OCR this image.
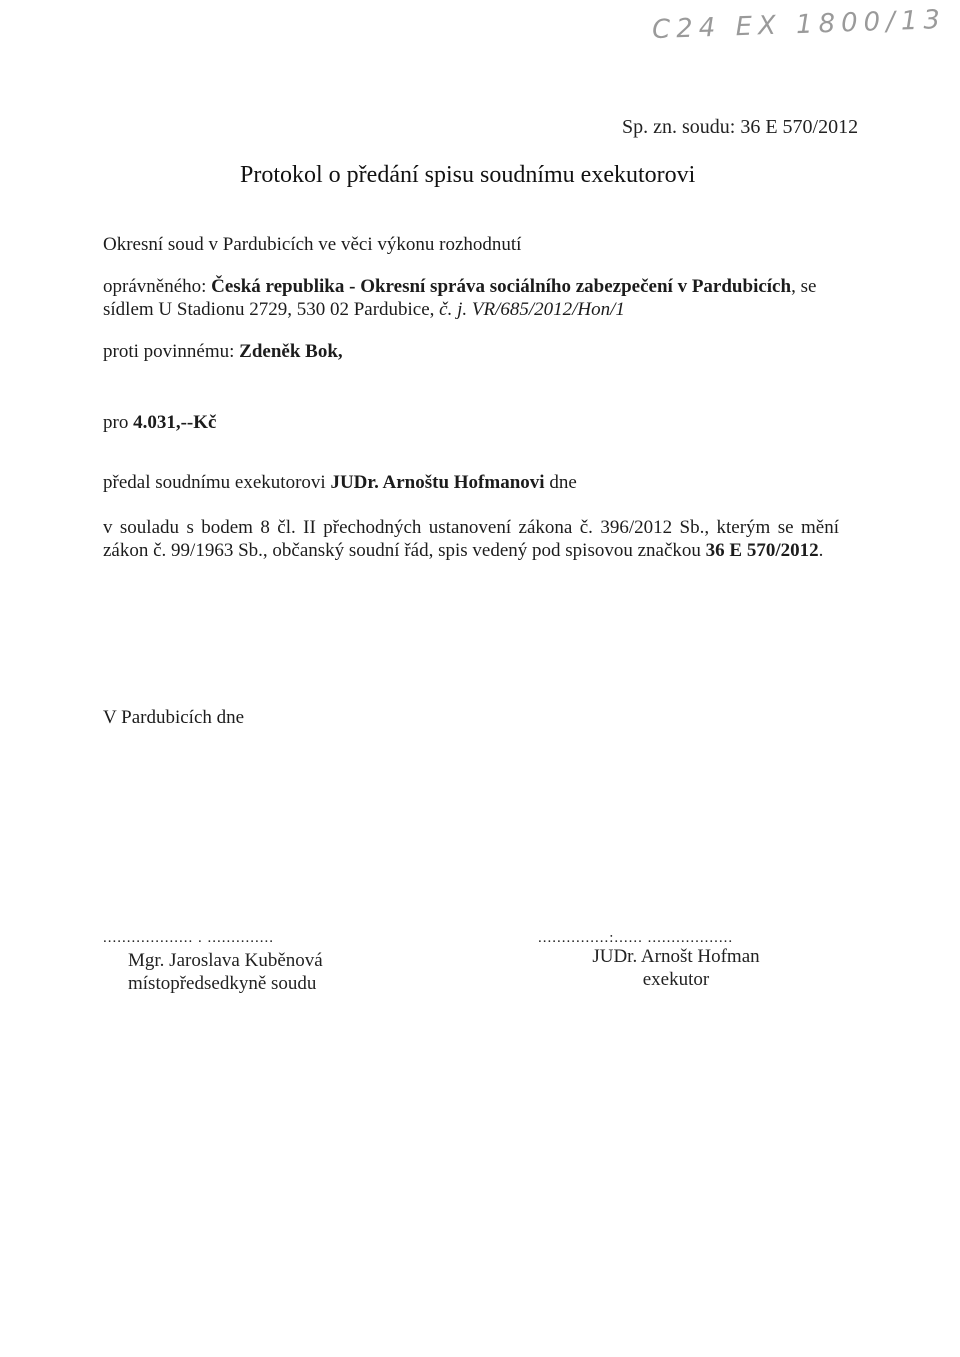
C24 EX 1800/13
Sp. zn. soudu: 36 E 570/2012
Protokol o předání spisu soudnímu exekutorovi
Okresní soud v Pardubicích ve věci výkonu rozhodnutí
oprávněného: Česká republika - Okresní správa sociálního zabezpečení v Pardubicích, se sídlem U Stadionu 2729, 530 02 Pardubice, č. j. VR/685/2012/Hon/1
proti povinnému: Zdeněk Bok,
pro 4.031,--Kč
předal soudnímu exekutorovi JUDr. Arnoštu Hofmanovi dne
v souladu s bodem 8 čl. II přechodných ustanovení zákona č. 396/2012 Sb., kterým se mění zákon č. 99/1963 Sb., občanský soudní řád, spis vedený pod spisovou značkou 36 E 570/2012.
V Pardubicích dne
................... . ..............	...............:...... ..................
Mgr. Jaroslava Kuběnová
místopředsedkyně soudu
JUDr. Arnošt Hofman
exekutor
